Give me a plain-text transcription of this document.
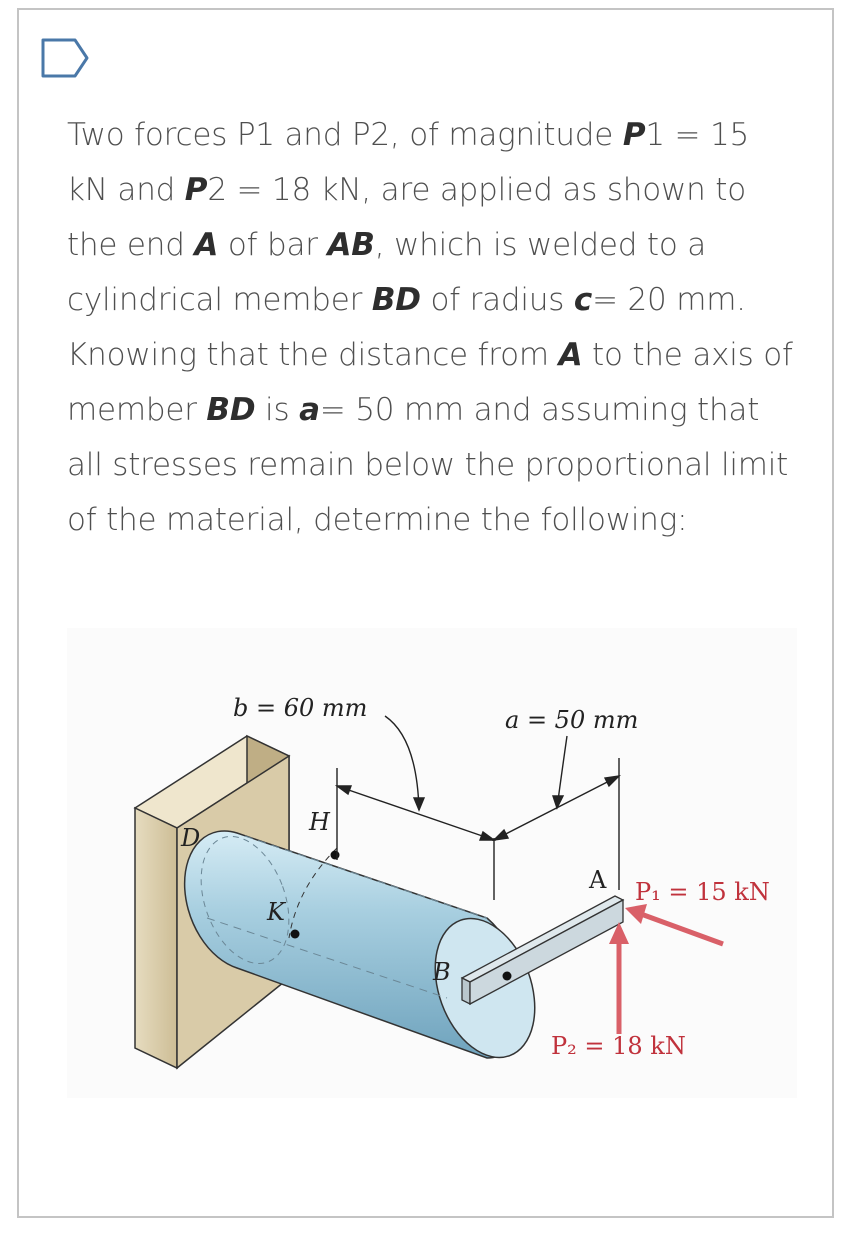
Two forces P1 and P2, of magnitude P1 = 15 kN and P2 = 18 kN, are applied as shown to the end A of bar AB, which is welded to a cylindrical member BD of radius c= 20 mm. Knowing that the distance from A to the axis of member BD is a= 50 mm and assuming that all stresses remain below the proportional limit of the material, determine the following:
b = 60 mm	a = 50 mm
D
H
K
B
A P₁ = 15 kN
P₂ = 18 kN
